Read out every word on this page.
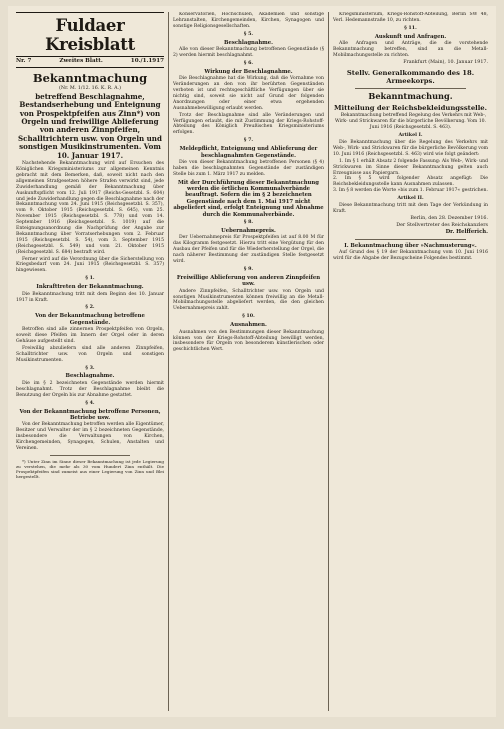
Fuldaer Kreisblatt
Nr. 7	Zweites Blatt.	10./1.1917
Bekanntmachung
(Nr. M. 1/12. 16. K. R. A.)
betreffend Beschlagnahme, Bestandserhebung und Enteignung von Prospektpfeifen aus Zinn*) von Orgeln und freiwillige Ablieferung von anderen Zinnpfeifen, Schalltrichtern usw. von Orgeln und sonstigen Musikinstrumenten. Vom 10. Januar 1917.
Nachstehende Bekanntmachung wird auf Ersuchen des Königlichen Kriegsministeriums zur allgemeinen Kenntnis gebracht mit dem Bemerken, daß, soweit nicht nach den allgemeinen Strafgesetzen höhere Strafen verwirkt sind, jede Zuwiderhandlung gemäß der Bekanntmachung über Auskunftspflicht vom 12. Juli 1917 (Reichs-Gesetzbl. S. 604) und jede Zuwiderhandlung gegen die Beschlagnahme nach der Bekanntmachung vom 24. Juni 1915 (Reichsgesetzbl. S. 357), vom 9. Oktober 1915 (Reichsgesetzbl. S. 645), vom 25. November 1915 (Reichsgesetzbl. S. 778) und vom 14. September 1916 (Reichsgesetzbl. S. 1019) auf die Enteignungsanordnung die Nachprüfung der Angabe zur Bekanntmachung über Vorratserhebungen vom 2. Februar 1915 (Reichsgesetzbl. S. 54), vom 3. September 1915 (Reichsgesetzbl. S. 549) und vom 21. Oktober 1915 (Reichsgesetzbl. S. 684) bestraft wird.
Ferner wird auf die Verordnung über die Sicherstellung von Kriegsbedarf vom 24. Juni 1915 (Reichsgesetzbl. S. 357) hingewiesen.
§ 1.
Inkrafttreten der Bekanntmachung.
Die Bekanntmachung tritt mit dem Beginn des 10. Januar 1917 in Kraft.
§ 2.
Von der Bekanntmachung betroffene Gegenstände.
Betroffen sind alle zinnernen Prospektpfeifen von Orgeln, soweit diese Pfeifen im Innern der Orgel oder in deren Gehäuse aufgestellt sind.
Freiwillig abzuliefern sind alle anderen Zinnpfeifen, Schalltrichter usw. von Orgeln und sonstigen Musikinstrumenten.
§ 3.
Beschlagnahme.
Die im § 2 bezeichneten Gegenstände werden hiermit beschlagnahmt. Trotz der Beschlagnahme bleibt die Benutzung der Orgeln bis zur Abnahme gestattet.
§ 4.
Von der Bekanntmachung betroffene Personen, Betriebe usw.
Von der Bekanntmachung betroffen werden alle Eigentümer, Besitzer und Verwalter der im § 2 bezeichneten Gegenstände, insbesondere die Verwaltungen von Kirchen, Kirchengemeinden, Synagogen, Schulen, Anstalten und Vereinen.
*) Unter Zinn im Sinne dieser Bekanntmachung ist jede Legierung zu verstehen, die mehr als 30 vom Hundert Zinn enthält. Die Prospektpfeifen sind zumeist aus einer Legierung von Zinn und Blei hergestellt.
Konservatorien, Hochschulen, Akademien und sonstige Lehranstalten, Kirchengemeinden, Kirchen, Synagogen und sonstige Religionsgesellschaften.
§ 5.
Beschlagnahme.
Alle von dieser Bekanntmachung betroffenen Gegenstände (§ 2) werden hiermit beschlagnahmt.
§ 6.
Wirkung der Beschlagnahme.
Die Beschlagnahme hat die Wirkung, daß die Vornahme von Veränderungen an den von ihr berührten Gegenständen verboten ist und rechtsgeschäftliche Verfügungen über sie nichtig sind, soweit sie nicht auf Grund der folgenden Anordnungen oder einer etwa ergehenden Ausnahmebewilligung erlaubt werden.
Trotz der Beschlagnahme sind alle Veränderungen und Verfügungen erlaubt, die mit Zustimmung der Kriegs-Rohstoff-Abteilung des Königlich Preußischen Kriegsministeriums erfolgen.
§ 7.
Meldepflicht, Enteignung und Ablieferung der beschlagnahmten Gegenstände.
Die von dieser Bekanntmachung betroffenen Personen (§ 4) haben die beschlagnahmten Gegenstände der zuständigen Stelle bis zum 1. März 1917 zu melden.
Mit der Durchführung dieser Bekanntmachung werden die örtlichen Kommunalverbände beauftragt. Sofern die im § 2 bezeichneten Gegenstände nach dem 1. Mai 1917 nicht abgeliefert sind, erfolgt Enteignung und Abnahme durch die Kommunalverbände.
§ 8.
Uebernahmepreis.
Der Uebernahmepreis für Prospektpfeifen ist auf 8.00 M für das Kilogramm festgesetzt. Hierzu tritt eine Vergütung für den Ausbau der Pfeifen und für die Wiederherstellung der Orgel, die nach näherer Bestimmung der zuständigen Stelle festgesetzt wird.
§ 9.
Freiwillige Ablieferung von anderen Zinnpfeifen usw.
Andere Zinnpfeifen, Schalltrichter usw. von Orgeln und sonstigen Musikinstrumenten können freiwillig an die Metall-Mobilmachungsstelle abgeliefert werden, die den gleichen Uebernahmepreis zahlt.
§ 10.
Ausnahmen.
Ausnahmen von den Bestimmungen dieser Bekanntmachung können von der Kriegs-Rohstoff-Abteilung bewilligt werden, insbesondere für Orgeln von besonderem künstlerischen oder geschichtlichen Wert.
Kriegsministerium, Kriegs-Rohstoff-Abteilung, Berlin SW 48, Verl. Hedemannstraße 10, zu richten.
§ 11.
Auskunft und Anfragen.
Alle Anfragen und Anträge, die die vorstehende Bekanntmachung betreffen, sind an die Metall-Mobilmachungsstelle zu richten.
Frankfurt (Main), 10. Januar 1917.
Stellv. Generalkommando des 18. Armeekorps.
Bekanntmachung.
Mitteilung der Reichsbekleidungsstelle.
Bekanntmachung betreffend Regelung des Verkehrs mit Web-, Wirk- und Strickwaren für die bürgerliche Bevölkerung. Vom 10. Juni 1916 (Reichsgesetzbl. S. 463).
Artikel I.
Die Bekanntmachung über die Regelung des Verkehrs mit Web-, Wirk- und Strickwaren für die bürgerliche Bevölkerung vom 10. Juni 1916 (Reichsgesetzbl. S. 463) wird wie folgt geändert:
1. Im § 1 erhält Absatz 2 folgende Fassung: Als Web-, Wirk- und Strickwaren im Sinne dieser Bekanntmachung gelten auch Erzeugnisse aus Papiergarn.
2. Im § 5 wird folgender Absatz angefügt: Die Reichsbekleidungsstelle kann Ausnahmen zulassen.
3. Im § 8 werden die Worte »bis zum 1. Februar 1917« gestrichen.
Artikel II.
Diese Bekanntmachung tritt mit dem Tage der Verkündung in Kraft.
Berlin, den 28. Dezember 1916.
Der Stellvertreter des Reichskanzlers
Dr. Helfferich.
I. Bekanntmachung über »Nachmusterung«.
Auf Grund des § 19 der Bekanntmachung vom 10. Juni 1916 wird für die Abgabe der Bezugscheine Folgendes bestimmt.
